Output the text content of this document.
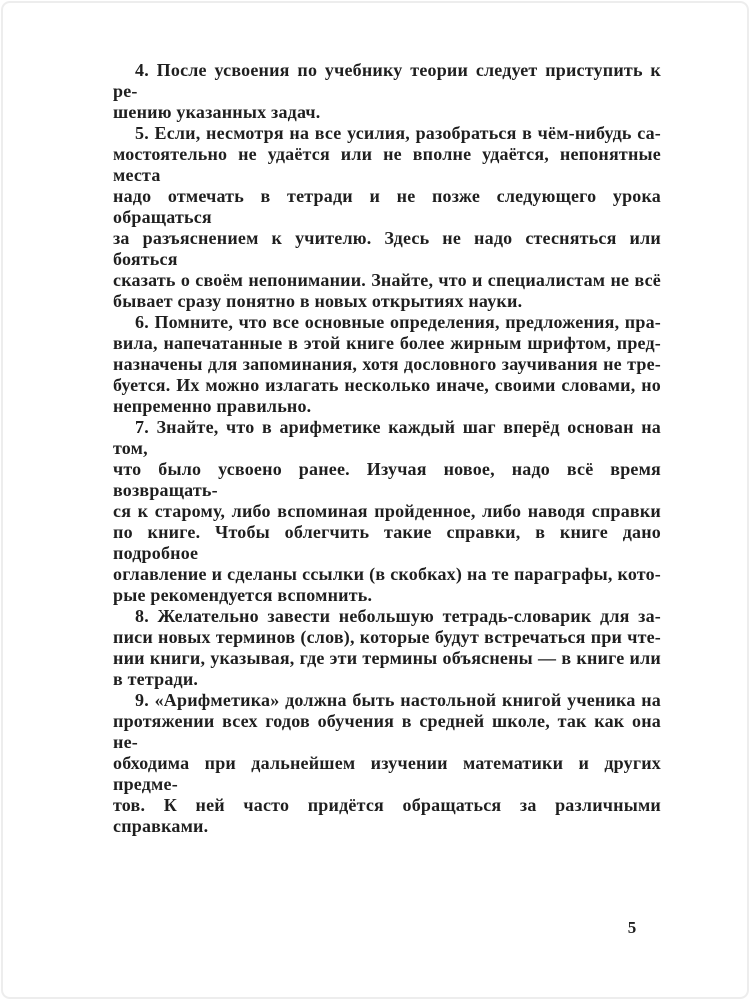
4. После усвоения по учебнику теории следует приступить к ре-
шению указанных задач.
5. Если, несмотря на все усилия, разобраться в чём-нибудь са-
мостоятельно не удаётся или не вполне удаётся, непонятные места
надо отмечать в тетради и не позже следующего урока обращаться
за разъяснением к учителю. Здесь не надо стесняться или бояться
сказать о своём непонимании. Знайте, что и специалистам не всё
бывает сразу понятно в новых открытиях науки.
6. Помните, что все основные определения, предложения, пра-
вила, напечатанные в этой книге более жирным шрифтом, пред-
назначены для запоминания, хотя дословного заучивания не тре-
буется. Их можно излагать несколько иначе, своими словами, но
непременно правильно.
7. Знайте, что в арифметике каждый шаг вперёд основан на том,
что было усвоено ранее. Изучая новое, надо всё время возвращать-
ся к старому, либо вспоминая пройденное, либо наводя справки
по книге. Чтобы облегчить такие справки, в книге дано подробное
оглавление и сделаны ссылки (в скобках) на те параграфы, кото-
рые рекомендуется вспомнить.
8. Желательно завести небольшую тетрадь-словарик для за-
писи новых терминов (слов), которые будут встречаться при чте-
нии книги, указывая, где эти термины объяснены — в книге или
в тетради.
9. «Арифметика» должна быть настольной книгой ученика на
протяжении всех годов обучения в средней школе, так как она не-
обходима при дальнейшем изучении математики и других предме-
тов. К ней часто придётся обращаться за различными справками.
5
